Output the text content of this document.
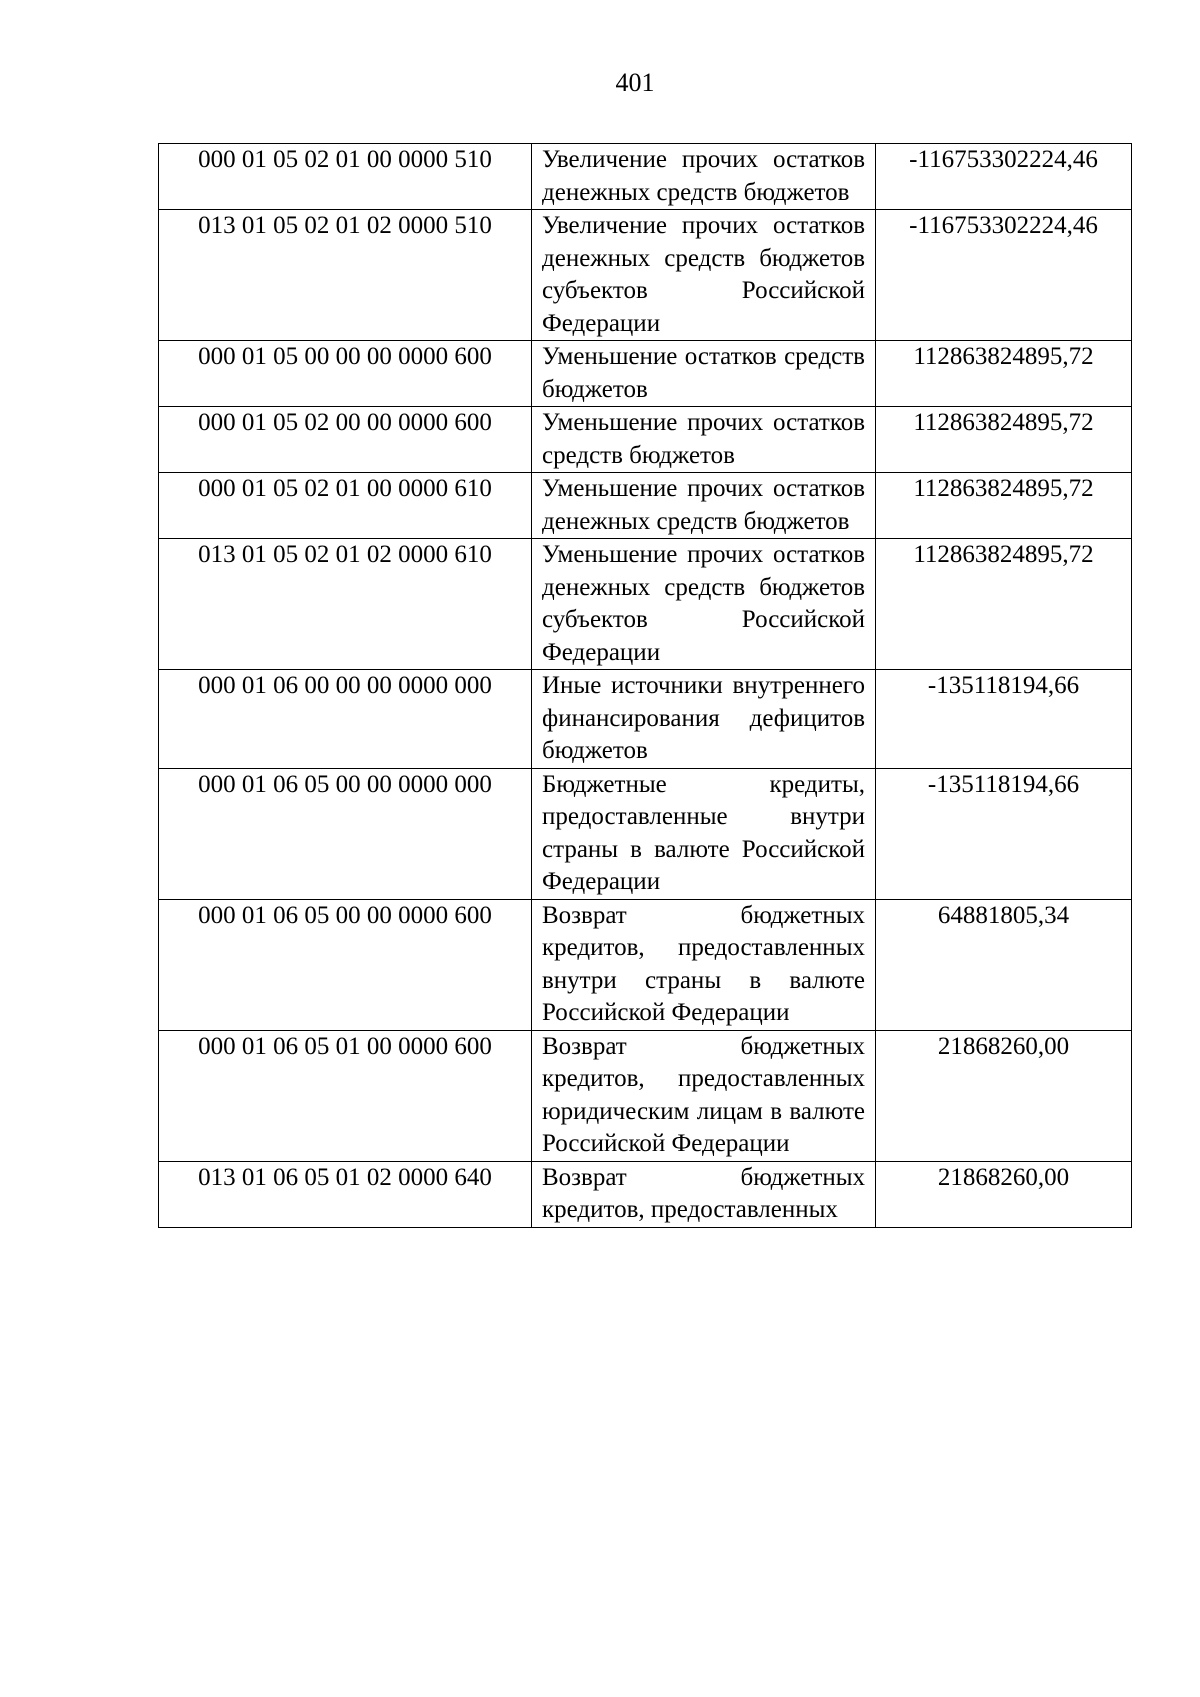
401
000 01 05 02 01 00 0000 510	Увеличение прочих остатков денежных средств бюджетов	-116753302224,46
013 01 05 02 01 02 0000 510	Увеличение прочих остатков денежных средств бюджетов субъектов Российской Федерации	-116753302224,46
000 01 05 00 00 00 0000 600	Уменьшение остатков средств бюджетов	112863824895,72
000 01 05 02 00 00 0000 600	Уменьшение прочих остатков средств бюджетов	112863824895,72
000 01 05 02 01 00 0000 610	Уменьшение прочих остатков денежных средств бюджетов	112863824895,72
013 01 05 02 01 02 0000 610	Уменьшение прочих остатков денежных средств бюджетов субъектов Российской Федерации	112863824895,72
000 01 06 00 00 00 0000 000	Иные источники внутреннего финансирования дефицитов бюджетов	-135118194,66
000 01 06 05 00 00 0000 000	Бюджетные кредиты, предоставленные внутри страны в валюте Российской Федерации	-135118194,66
000 01 06 05 00 00 0000 600	Возврат бюджетных кредитов, предоставленных внутри страны в валюте Российской Федерации	64881805,34
000 01 06 05 01 00 0000 600	Возврат бюджетных кредитов, предоставленных юридическим лицам в валюте Российской Федерации	21868260,00
013 01 06 05 01 02 0000 640	Возврат бюджетных кредитов, предоставленных	21868260,00
